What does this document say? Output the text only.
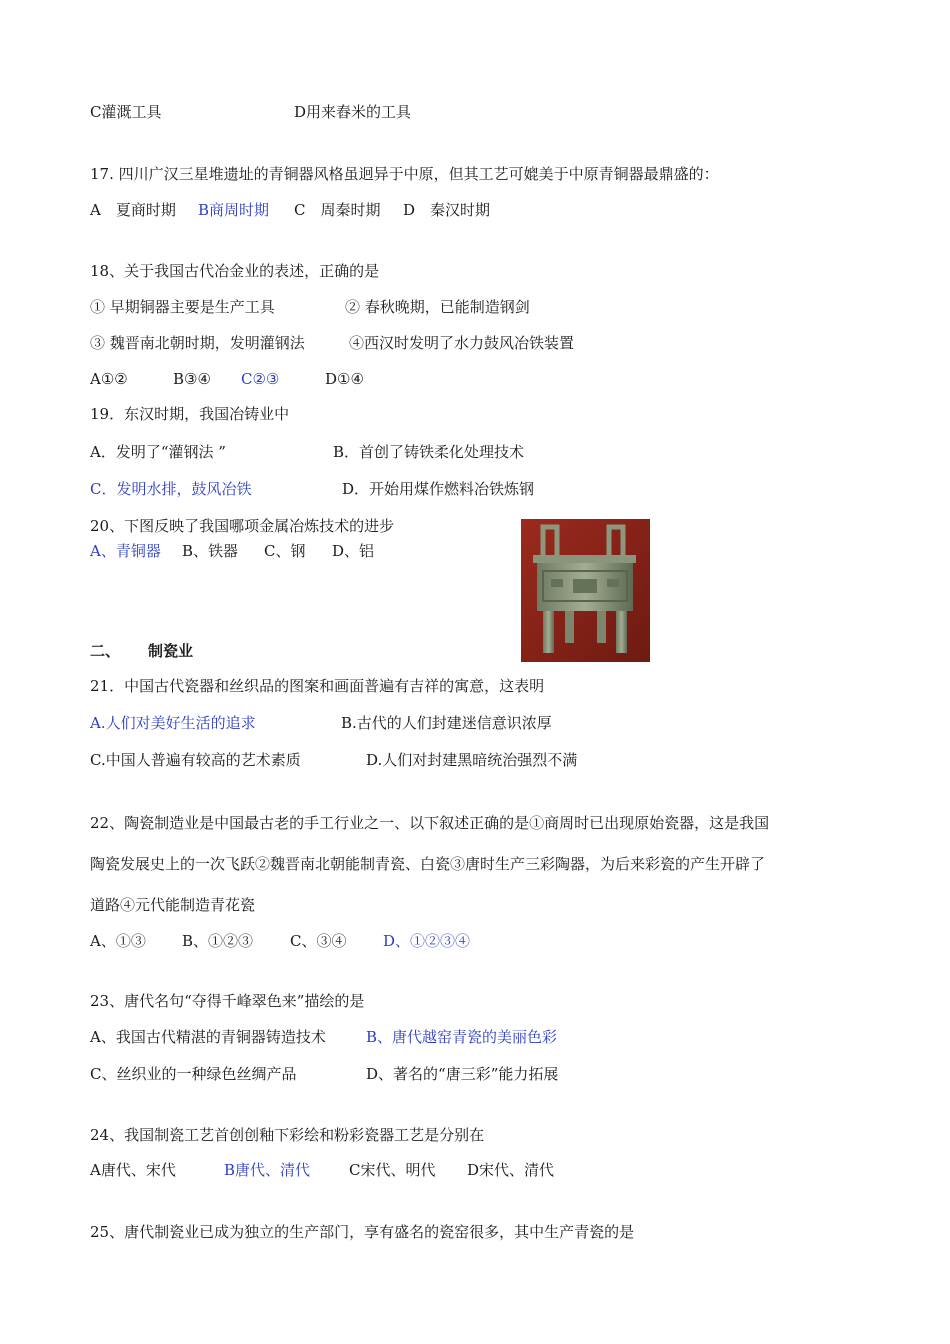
C灌溉工具	D用来舂米的工具
17. 四川广汉三星堆遗址的青铜器风格虽迥异于中原，但其工艺可媲美于中原青铜器最鼎盛的：
A　夏商时期 B商周时期 C　周秦时期 D　秦汉时期
18、关于我国古代冶金业的表述，正确的是
① 早期铜器主要是生产工具	② 春秋晚期，已能制造钢剑
③ 魏晋南北朝时期，发明灌钢法	④西汉时发明了水力鼓风冶铁装置
A①②	B③④ C②③	D①④
19．东汉时期，我国冶铸业中
A．发明了“灌钢法 ”	B．首创了铸铁柔化处理技术
C．发明水排，鼓风冶铁	D．开始用煤作燃料冶铁炼钢
20、下图反映了我国哪项金属冶炼技术的进步
A、青铜器 B、铁器 C、钢 D、铝
二、 制瓷业
21．中国古代瓷器和丝织品的图案和画面普遍有吉祥的寓意，这表明
A.人们对美好生活的追求	B.古代的人们封建迷信意识浓厚
C.中国人普遍有较高的艺术素质	D.人们对封建黑暗统治强烈不满
22、陶瓷制造业是中国最古老的手工行业之一、以下叙述正确的是①商周时已出现原始瓷器，这是我国
陶瓷发展史上的一次飞跃②魏晋南北朝能制青瓷、白瓷③唐时生产三彩陶器，为后来彩瓷的产生开辟了
道路④元代能制造青花瓷
A、①③ B、①②③ C、③④ D、①②③④
23、唐代名句“夺得千峰翠色来”描绘的是
A、我国古代精湛的青铜器铸造技术	B、唐代越窑青瓷的美丽色彩
C、丝织业的一种绿色丝绸产品	D、著名的“唐三彩”能力拓展
24、我国制瓷工艺首创创釉下彩绘和粉彩瓷器工艺是分别在
A唐代、宋代	B唐代、清代	C宋代、明代 D宋代、清代
25、唐代制瓷业已成为独立的生产部门，享有盛名的瓷窑很多，其中生产青瓷的是
